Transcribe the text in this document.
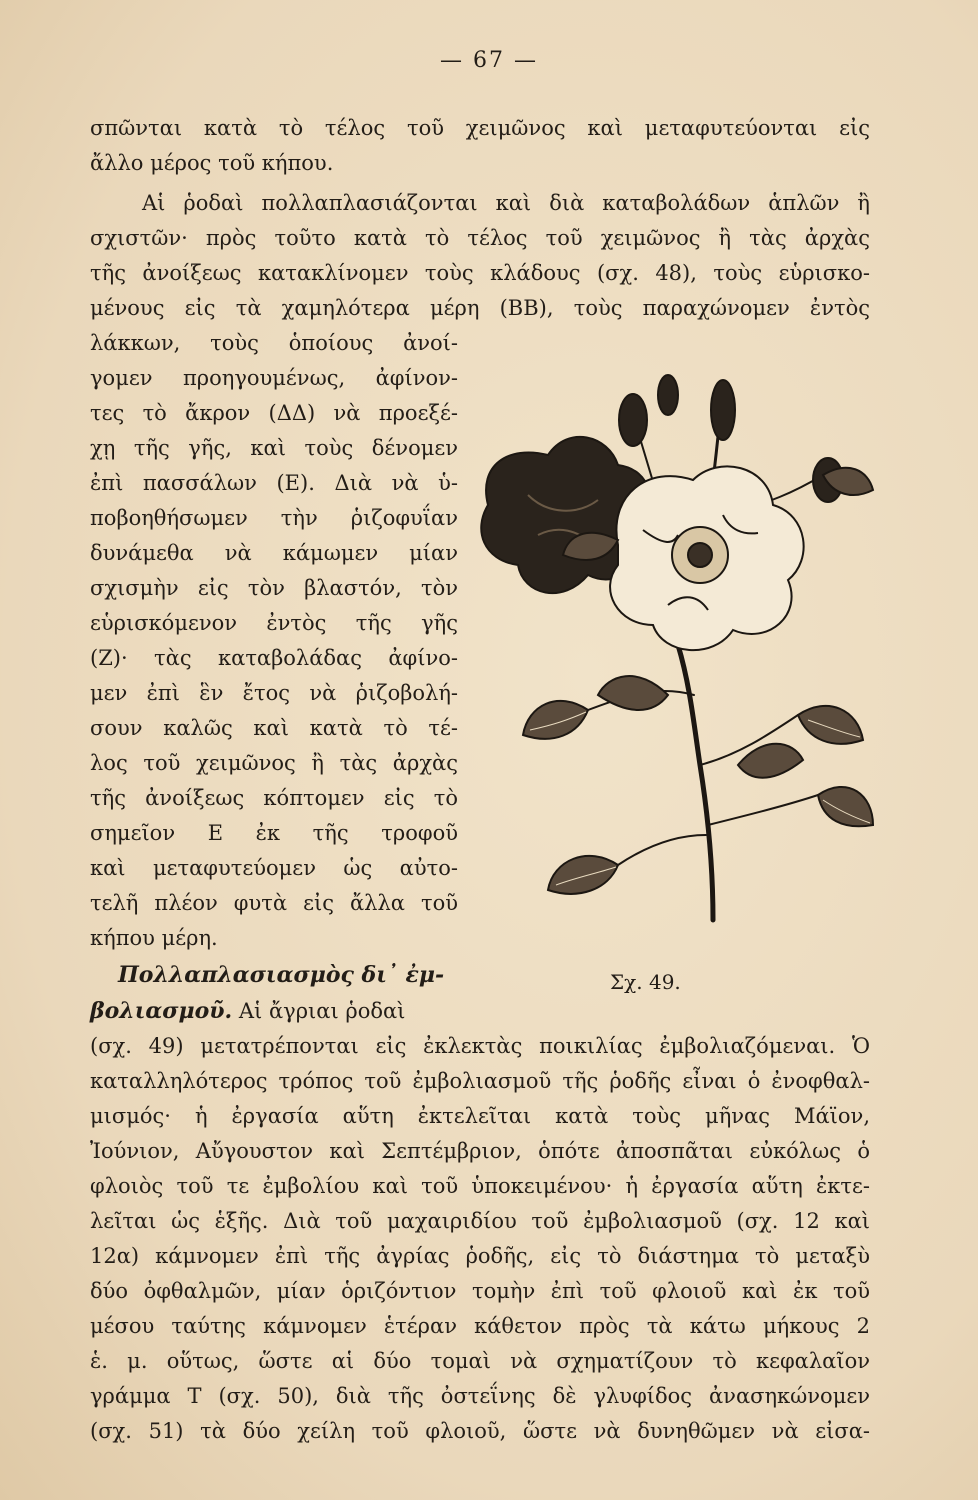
— 67 —
σπῶνται κατὰ τὸ τέλος τοῦ χειμῶνος καὶ μεταφυτεύονται εἰς
ἄλλο μέρος τοῦ κήπου.
Αἱ ῥοδαὶ πολλαπλασιάζονται καὶ διὰ καταβολάδων ἁπλῶν ἢ
σχιστῶν· πρὸς τοῦτο κατὰ τὸ τέλος τοῦ χειμῶνος ἢ τὰς ἀρχὰς
τῆς ἀνοίξεως κατακλίνομεν τοὺς κλάδους (σχ. 48), τοὺς εὑρισκο-
μένους εἰς τὰ χαμηλότερα μέρη (ΒΒ), τοὺς παραχώνομεν ἐντὸς
λάκκων, τοὺς ὁποίους ἀνοί-
γομεν προηγουμένως, ἀφίνον-
τες τὸ ἄκρον (ΔΔ) νὰ προεξέ-
χῃ τῆς γῆς, καὶ τοὺς δένομεν
ἐπὶ πασσάλων (Ε). Διὰ νὰ ὑ-
ποβοηθήσωμεν τὴν ῥιζοφυΐαν
δυνάμεθα νὰ κάμωμεν μίαν
σχισμὴν εἰς τὸν βλαστόν, τὸν
εὑρισκόμενον ἐντὸς τῆς γῆς
(Ζ)· τὰς καταβολάδας ἀφίνο-
μεν ἐπὶ ἓν ἔτος νὰ ῥιζοβολή-
σουν καλῶς καὶ κατὰ τὸ τέ-
λος τοῦ χειμῶνος ἢ τὰς ἀρχὰς
τῆς ἀνοίξεως κόπτομεν εἰς τὸ
σημεῖον Ε ἐκ τῆς τροφοῦ
καὶ μεταφυτεύομεν ὡς αὐτο-
τελῆ πλέον φυτὰ εἰς ἄλλα τοῦ
κήπου μέρη.
Πολλαπλασιασμὸς δι᾽ ἐμ-
βολιασμοῦ. Αἱ ἄγριαι ῥοδαὶ
Σχ. 49.
(σχ. 49) μετατρέπονται εἰς ἐκλεκτὰς ποικιλίας ἐμβολιαζόμεναι. Ὁ
καταλληλότερος τρόπος τοῦ ἐμβολιασμοῦ τῆς ῥοδῆς εἶναι ὁ ἐνοφθαλ-
μισμός· ἡ ἐργασία αὕτη ἐκτελεῖται κατὰ τοὺς μῆνας Μάϊον,
Ἰούνιον, Αὔγουστον καὶ Σεπτέμβριον, ὁπότε ἀποσπᾶται εὐκόλως ὁ
φλοιὸς τοῦ τε ἐμβολίου καὶ τοῦ ὑποκειμένου· ἡ ἐργασία αὕτη ἐκτε-
λεῖται ὡς ἑξῆς. Διὰ τοῦ μαχαιριδίου τοῦ ἐμβολιασμοῦ (σχ. 12 καὶ
12α) κάμνομεν ἐπὶ τῆς ἀγρίας ῥοδῆς, εἰς τὸ διάστημα τὸ μεταξὺ
δύο ὀφθαλμῶν, μίαν ὁριζόντιον τομὴν ἐπὶ τοῦ φλοιοῦ καὶ ἐκ τοῦ
μέσου ταύτης κάμνομεν ἑτέραν κάθετον πρὸς τὰ κάτω μήκους 2
ἑ. μ. οὕτως, ὥστε αἱ δύο τομαὶ νὰ σχηματίζουν τὸ κεφαλαῖον
γράμμα Τ (σχ. 50), διὰ τῆς ὀστεΐνης δὲ γλυφίδος ἀνασηκώνομεν
(σχ. 51) τὰ δύο χείλη τοῦ φλοιοῦ, ὥστε νὰ δυνηθῶμεν νὰ εἰσα-
